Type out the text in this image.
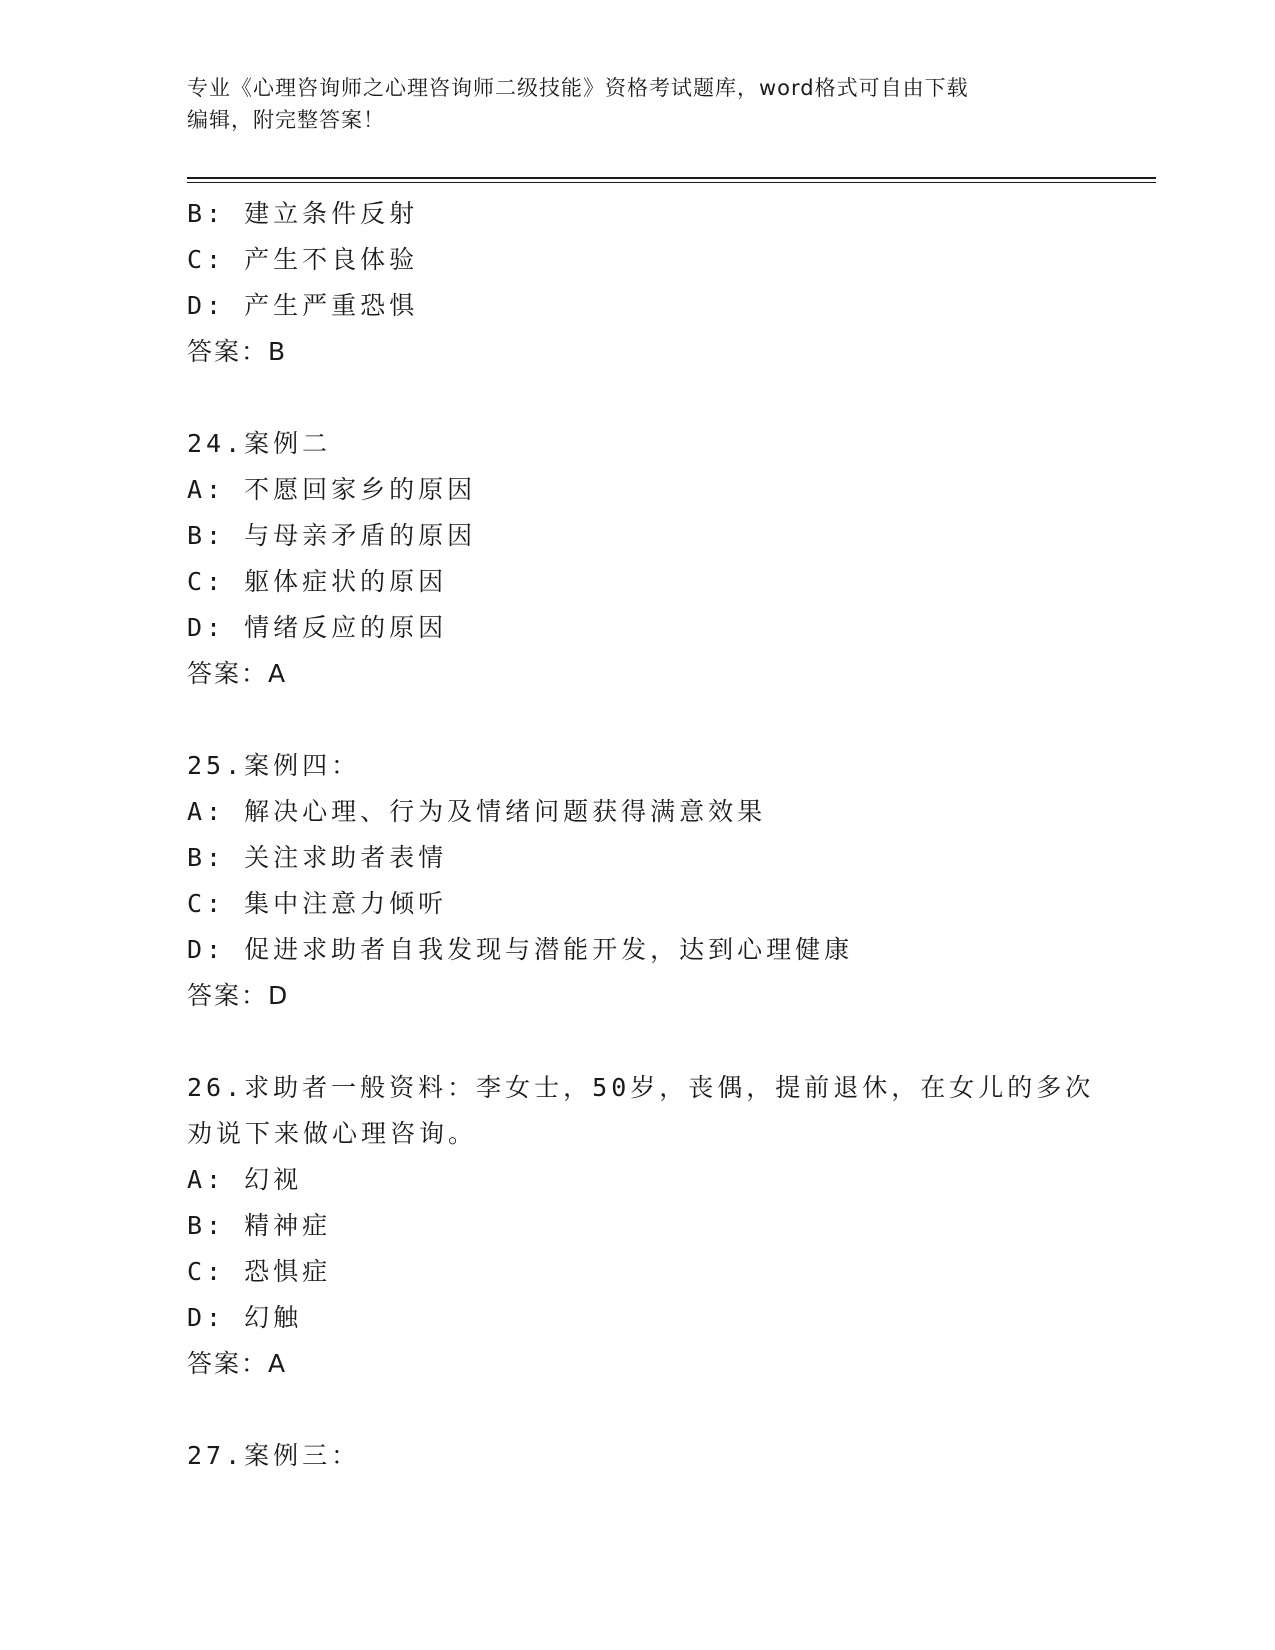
专业《心理咨询师之心理咨询师二级技能》资格考试题库，word格式可自由下载
编辑，附完整答案！
B: 建立条件反射
C: 产生不良体验
D: 产生严重恐惧
答案：B
24.案例二
A: 不愿回家乡的原因
B: 与母亲矛盾的原因
C: 躯体症状的原因
D: 情绪反应的原因
答案：A
25.案例四：
A: 解决心理、行为及情绪问题获得满意效果
B: 关注求助者表情
C: 集中注意力倾听
D: 促进求助者自我发现与潜能开发，达到心理健康
答案：D
26.求助者一般资料：李女士，50岁，丧偶，提前退休，在女儿的多次
劝说下来做心理咨询。
A: 幻视
B: 精神症
C: 恐惧症
D: 幻触
答案：A
27.案例三：
